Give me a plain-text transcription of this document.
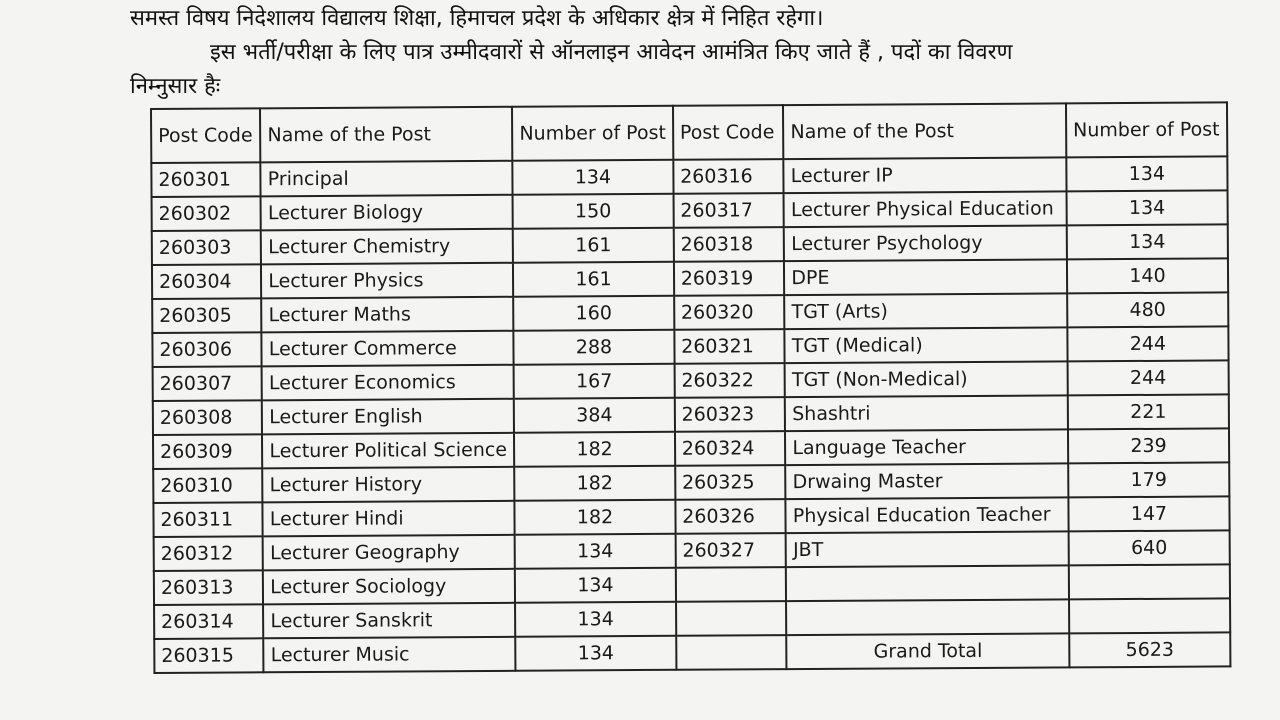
समस्त विषय निदेशालय विद्यालय शिक्षा, हिमाचल प्रदेश के अधिकार क्षेत्र में निहित रहेगा।
इस भर्ती/परीक्षा के लिए पात्र उम्मीदवारों से ऑनलाइन आवेदन आमंत्रित किए जाते हैं , पदों का विवरण
निम्नुसार हैः
Post Code	Name of the Post	Number of Post	Post Code	Name of the Post	Number of Post
260301	Principal	134	260316	Lecturer IP	134
260302	Lecturer Biology	150	260317	Lecturer Physical Education	134
260303	Lecturer Chemistry	161	260318	Lecturer Psychology	134
260304	Lecturer Physics	161	260319	DPE	140
260305	Lecturer Maths	160	260320	TGT (Arts)	480
260306	Lecturer Commerce	288	260321	TGT (Medical)	244
260307	Lecturer Economics	167	260322	TGT (Non-Medical)	244
260308	Lecturer English	384	260323	Shashtri	221
260309	Lecturer Political Science	182	260324	Language Teacher	239
260310	Lecturer History	182	260325	Drwaing Master	179
260311	Lecturer Hindi	182	260326	Physical Education Teacher	147
260312	Lecturer Geography	134	260327	JBT	640
260313	Lecturer Sociology	134			
260314	Lecturer Sanskrit	134			
260315	Lecturer Music	134		Grand Total	5623
